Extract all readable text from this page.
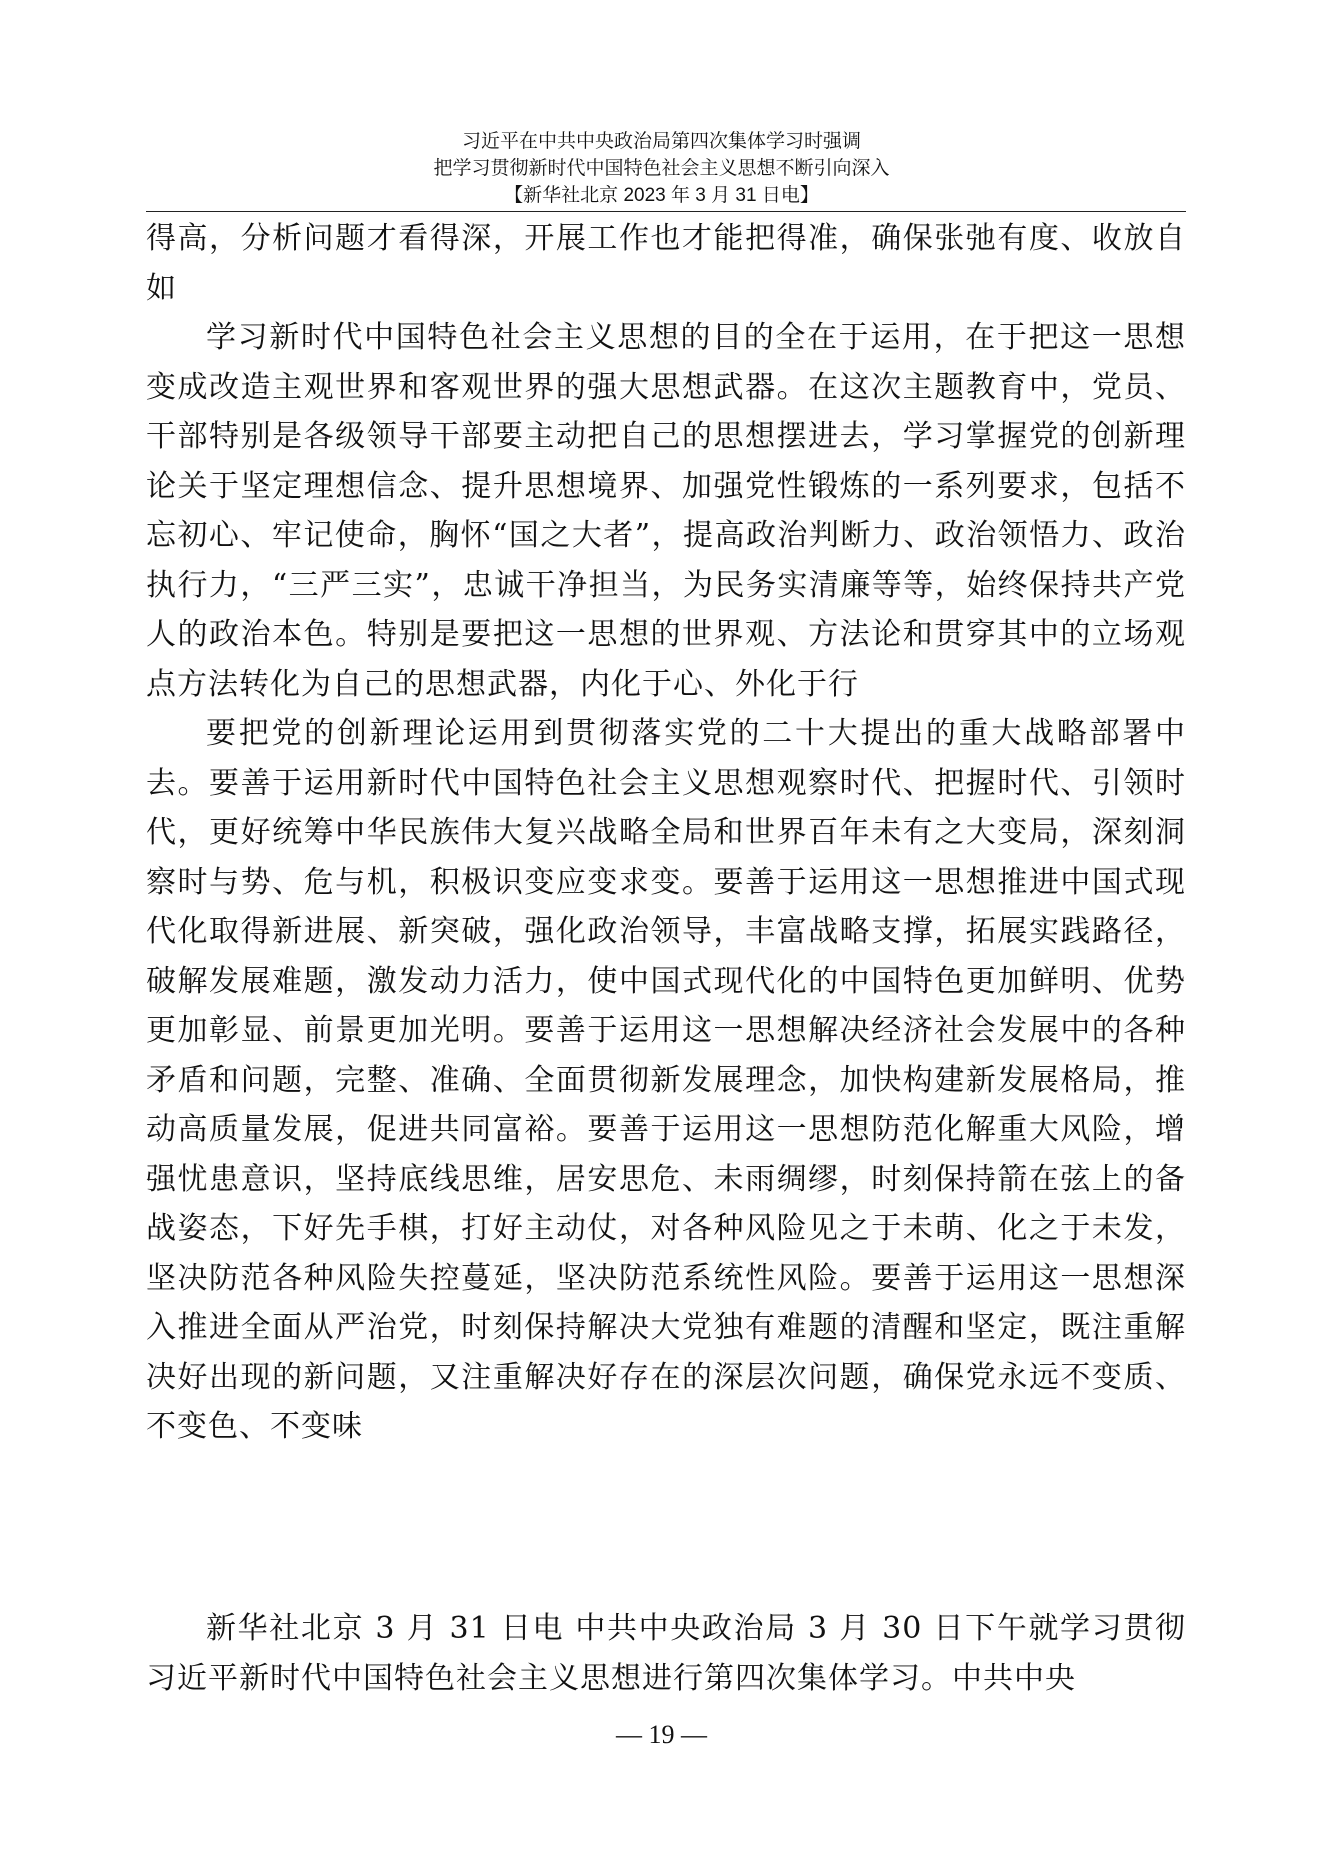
习近平在中共中央政治局第四次集体学习时强调
把学习贯彻新时代中国特色社会主义思想不断引向深入
【新华社北京 2023 年 3 月 31 日电】

得高，分析问题才看得深，开展工作也才能把得准，确保张弛有度、收放自如

学习新时代中国特色社会主义思想的目的全在于运用，在于把这一思想变成改造主观世界和客观世界的强大思想武器。在这次主题教育中，党员、干部特别是各级领导干部要主动把自己的思想摆进去，学习掌握党的创新理论关于坚定理想信念、提升思想境界、加强党性锻炼的一系列要求，包括不忘初心、牢记使命，胸怀“国之大者”，提高政治判断力、政治领悟力、政治执行力，“三严三实”，忠诚干净担当，为民务实清廉等等，始终保持共产党人的政治本色。特别是要把这一思想的世界观、方法论和贯穿其中的立场观点方法转化为自己的思想武器，内化于心、外化于行

要把党的创新理论运用到贯彻落实党的二十大提出的重大战略部署中去。要善于运用新时代中国特色社会主义思想观察时代、把握时代、引领时代，更好统筹中华民族伟大复兴战略全局和世界百年未有之大变局，深刻洞察时与势、危与机，积极识变应变求变。要善于运用这一思想推进中国式现代化取得新进展、新突破，强化政治领导，丰富战略支撑，拓展实践路径，破解发展难题，激发动力活力，使中国式现代化的中国特色更加鲜明、优势更加彰显、前景更加光明。要善于运用这一思想解决经济社会发展中的各种矛盾和问题，完整、准确、全面贯彻新发展理念，加快构建新发展格局，推动高质量发展，促进共同富裕。要善于运用这一思想防范化解重大风险，增强忧患意识，坚持底线思维，居安思危、未雨绸缪，时刻保持箭在弦上的备战姿态，下好先手棋，打好主动仗，对各种风险见之于未萌、化之于未发，坚决防范各种风险失控蔓延，坚决防范系统性风险。要善于运用这一思想深入推进全面从严治党，时刻保持解决大党独有难题的清醒和坚定，既注重解决好出现的新问题，又注重解决好存在的深层次问题，确保党永远不变质、不变色、不变味

新华社北京 3 月 31 日电 中共中央政治局 3 月 30 日下午就学习贯彻习近平新时代中国特色社会主义思想进行第四次集体学习。中共中央
— 19 —
